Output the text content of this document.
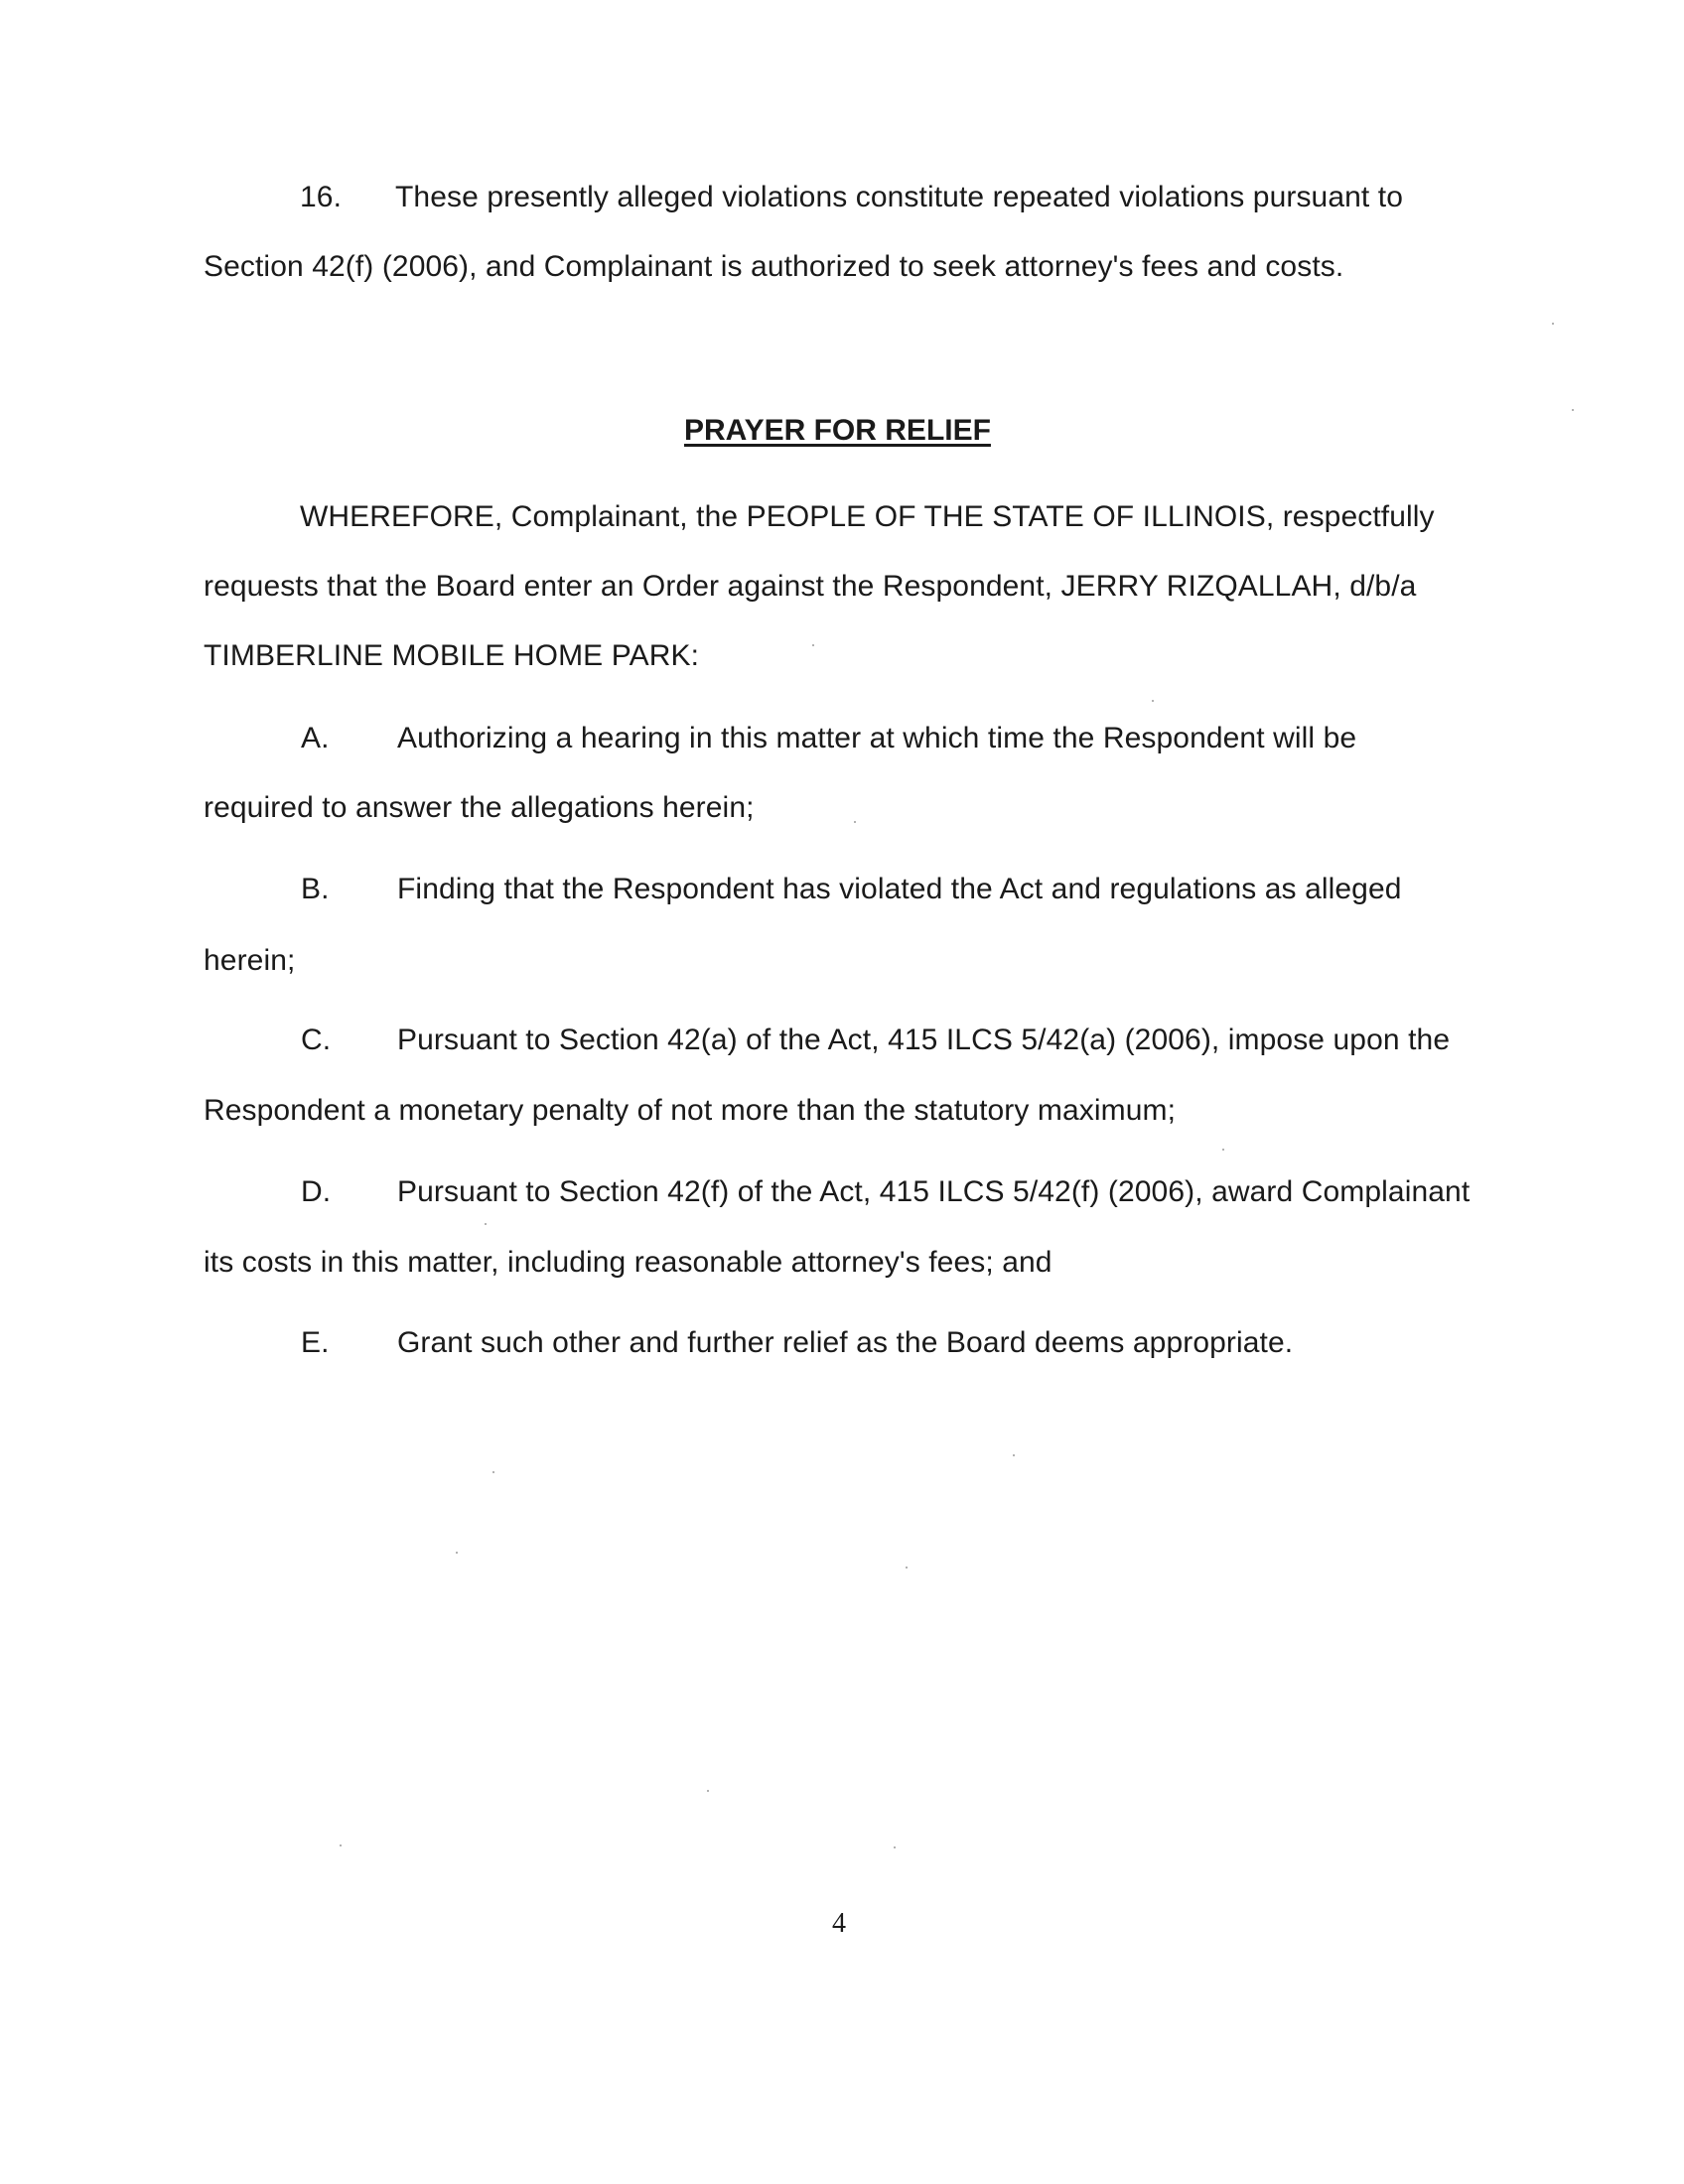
16. These presently alleged violations constitute repeated violations pursuant to
Section 42(f) (2006), and Complainant is authorized to seek attorney's fees and costs.
PRAYER FOR RELIEF
WHEREFORE, Complainant, the PEOPLE OF THE STATE OF ILLINOIS, respectfully
requests that the Board enter an Order against the Respondent, JERRY RIZQALLAH, d/b/a
TIMBERLINE MOBILE HOME PARK:
A. Authorizing a hearing in this matter at which time the Respondent will be
required to answer the allegations herein;
B. Finding that the Respondent has violated the Act and regulations as alleged
herein;
C. Pursuant to Section 42(a) of the Act, 415 ILCS 5/42(a) (2006), impose upon the
Respondent a monetary penalty of not more than the statutory maximum;
D. Pursuant to Section 42(f) of the Act, 415 ILCS 5/42(f) (2006), award Complainant
its costs in this matter, including reasonable attorney's fees; and
E. Grant such other and further relief as the Board deems appropriate.
4
